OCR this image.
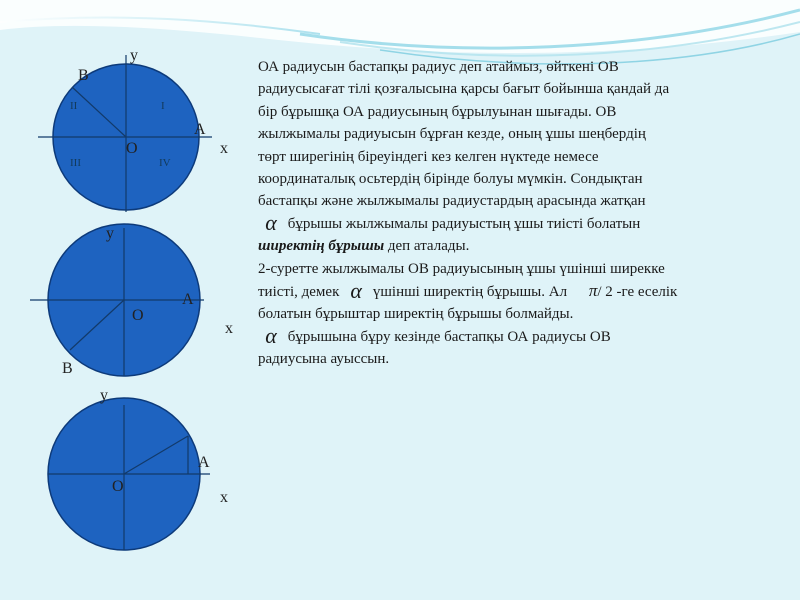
y
B
I
II
III	IV
A
O	x
y
A
O
x
B
y
A
O
x

ОА радиусын бастапқы радиус деп атаймыз, өйткені ОВ
радиусысағат тілі қозғалысына қарсы бағыт бойынша қандай да
бір бұрышқа ОА радиусының бұрылуынан шығады. ОВ
жылжымалы радиуысын бұрған кезде, оның ұшы шеңбердің
төрт ширегінің біреуіндегі кез келген нүктеде немесе
координаталық осьтердің бірінде болуы мүмкін. Сондықтан
бастапқы және жылжымалы радиустардың арасында жатқан
α бұрышы жылжымалы радиуыстың ұшы тиісті болатын
ширектің бұрышы деп аталады.

2-суретте жылжымалы ОВ радиуысының ұшы үшінші ширекке
тиісті, демек α үшінші ширектің бұрышы. Ал π/ 2 -ге еселік
болатын бұрыштар ширектің бұрышы болмайды.

α бұрышына бұру кезінде бастапқы ОА радиусы ОВ
радиусына ауыссын.
